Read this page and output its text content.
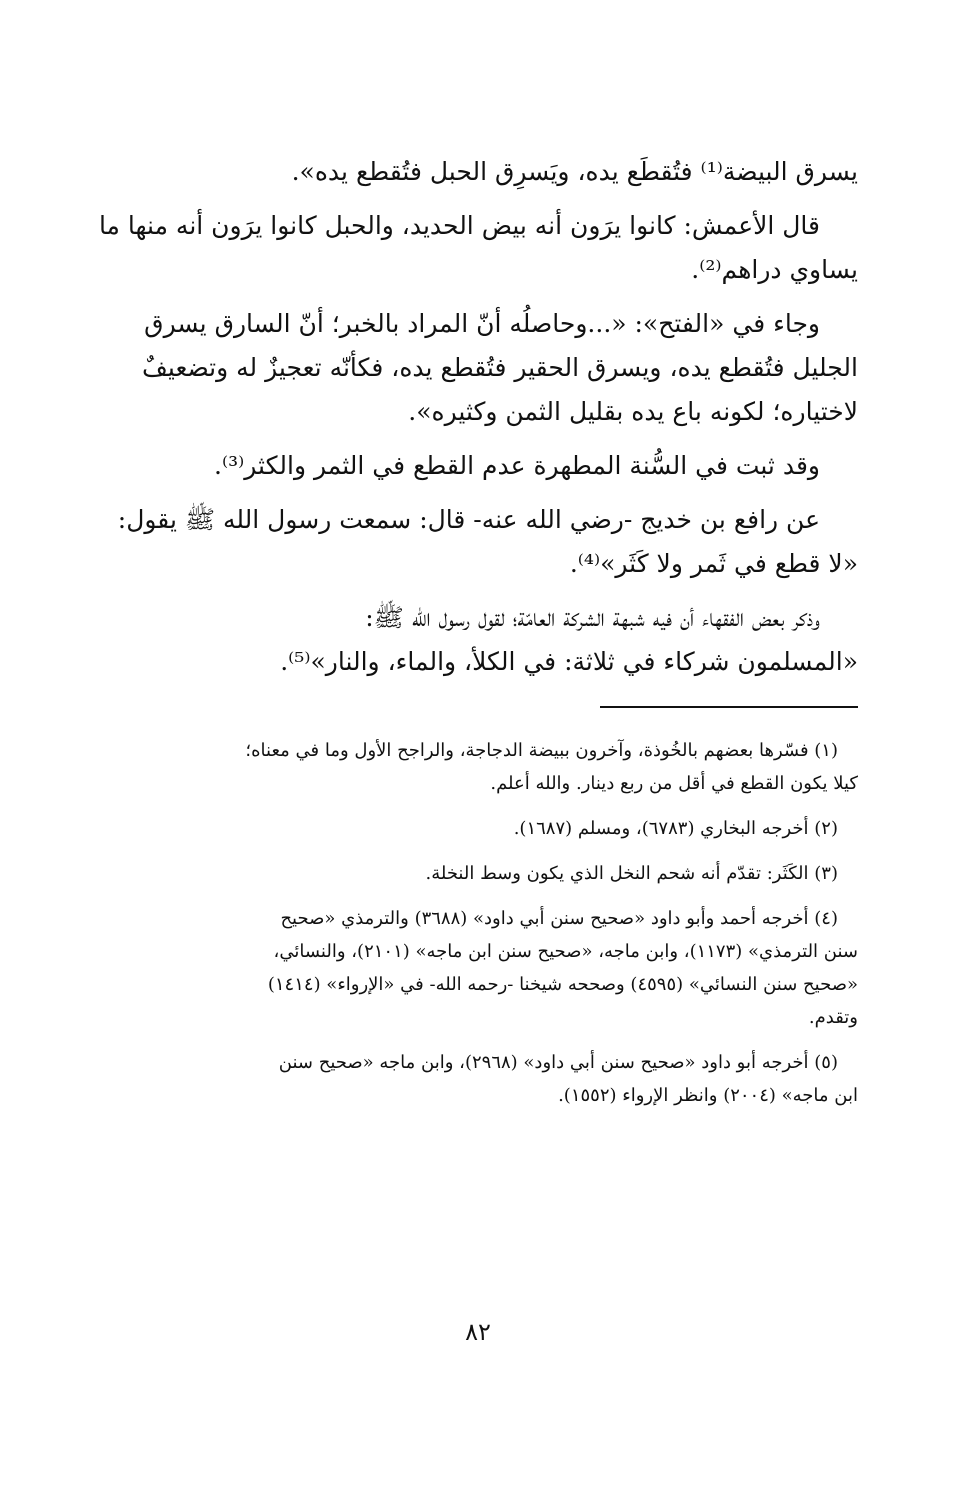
يسرق البيضة⁽¹⁾ فتُقطَع يده، ويَسرِق الحبل فتُقطع يده».
قال الأعمش: كانوا يرَون أنه بيض الحديد، والحبل كانوا يرَون أنه منها ما
يساوي دراهم⁽²⁾.
وجاء في «الفتح»: «...وحاصلُه أنّ المراد بالخبر؛ أنّ السارق يسرق
الجليل فتُقطع يده، ويسرق الحقير فتُقطع يده، فكأنّه تعجيزٌ له وتضعيفٌ
لاختياره؛ لكونه باع يده بقليل الثمن وكثيره».
وقد ثبت في السُّنة المطهرة عدم القطع في الثمر والكثر⁽³⁾.
عن رافع بن خديج -رضي الله عنه- قال: سمعت رسول الله ﷺ يقول:
«لا قطع في ثَمر ولا كَثَر»⁽⁴⁾.
وذكر بعض الفقهاء أن فيه شبهة الشركة العامّة؛ لقول رسول الله ﷺ:
«المسلمون شركاء في ثلاثة: في الكلأ، والماء، والنار»⁽⁵⁾.
(١) فسّرها بعضهم بالخُوذة، وآخرون ببيضة الدجاجة، والراجح الأول وما في معناه؛
كيلا يكون القطع في أقل من ربع دينار. والله أعلم.
(٢) أخرجه البخاري (٦٧٨٣)، ومسلم (١٦٨٧).
(٣) الكَثَر: تقدّم أنه شحم النخل الذي يكون وسط النخلة.
(٤) أخرجه أحمد وأبو داود «صحيح سنن أبي داود» (٣٦٨٨) والترمذي «صحيح
سنن الترمذي» (١١٧٣)، وابن ماجه، «صحيح سنن ابن ماجه» (٢١٠١)، والنسائي،
«صحيح سنن النسائي» (٤٥٩٥) وصححه شيخنا -رحمه الله- في «الإرواء» (١٤١٤)
وتقدم.
(٥) أخرجه أبو داود «صحيح سنن أبي داود» (٢٩٦٨)، وابن ماجه «صحيح سنن
ابن ماجه» (٢٠٠٤) وانظر الإرواء (١٥٥٢).
٨٢
